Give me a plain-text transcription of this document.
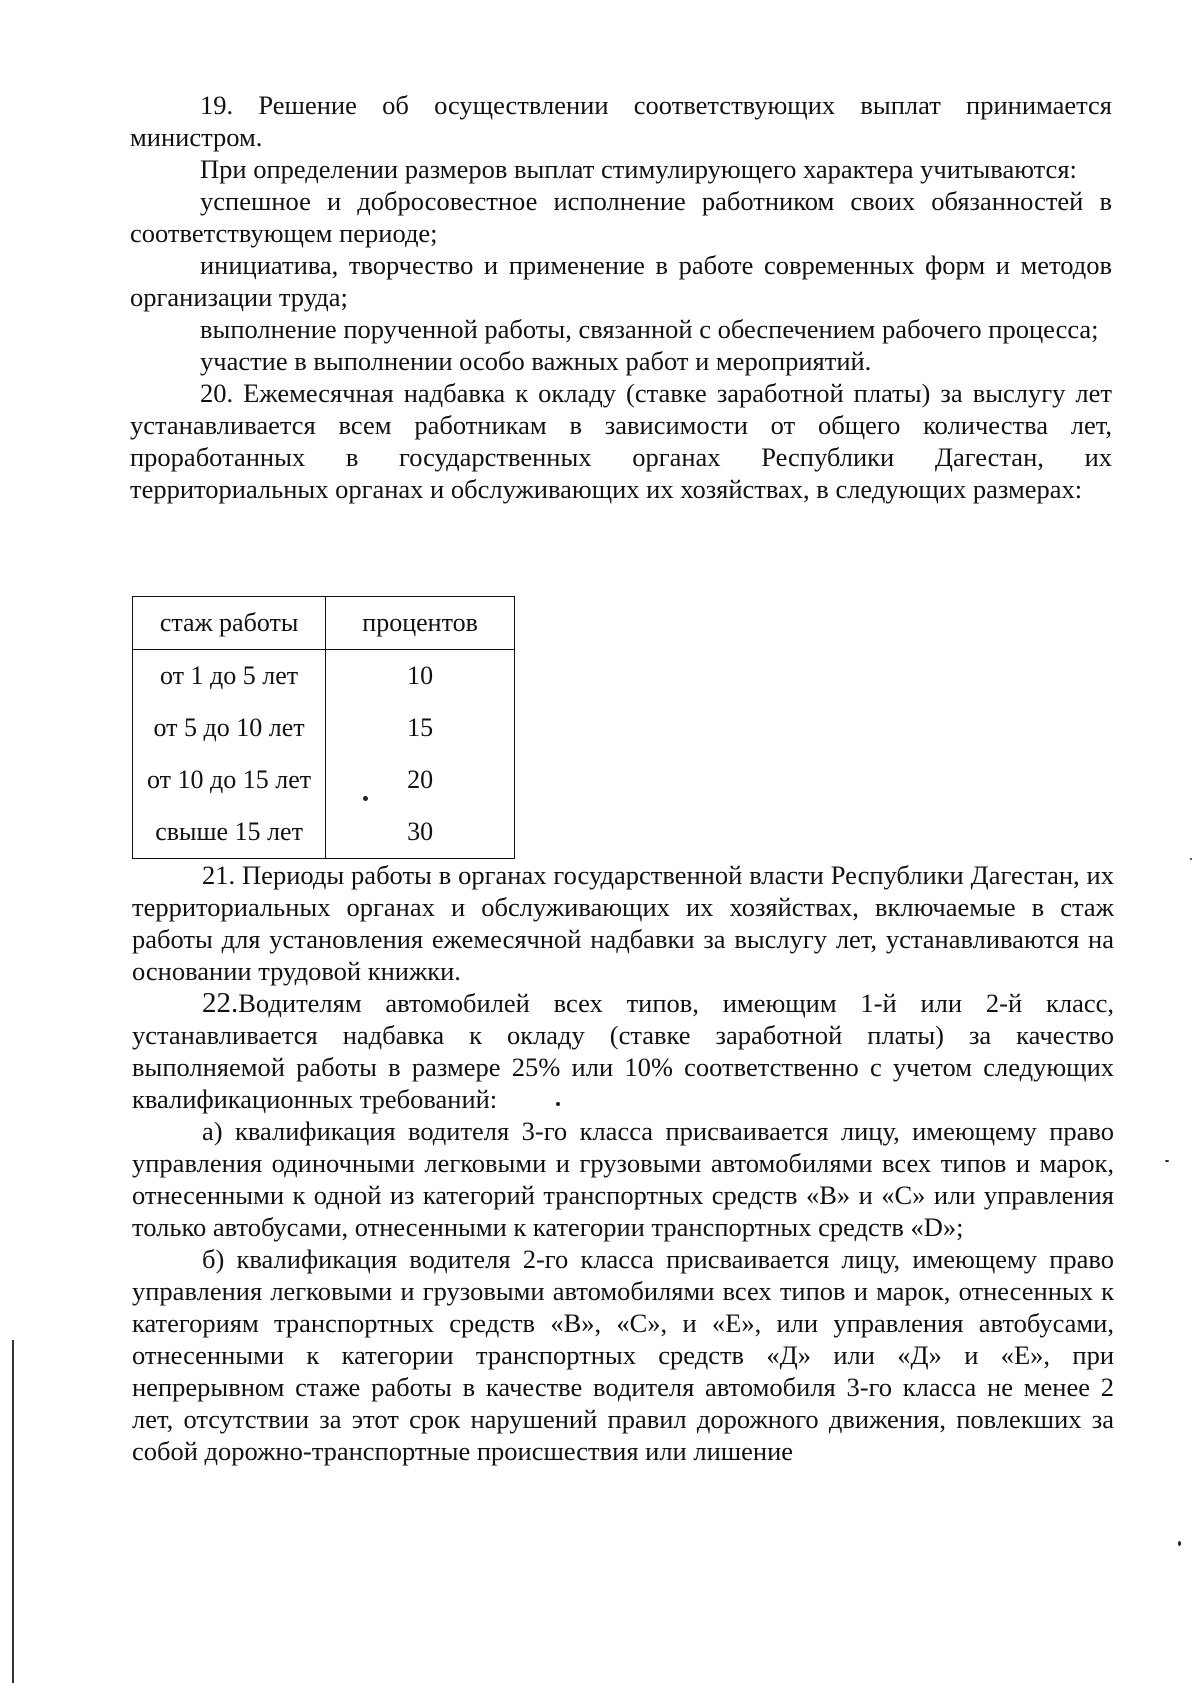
19. Решение об осуществлении соответствующих выплат принимается министром.

При определении размеров выплат стимулирующего характера учитываются:

успешное и добросовестное исполнение работником своих обязанностей в соответствующем периоде;

инициатива, творчество и применение в работе современных форм и методов организации труда;

выполнение порученной работы, связанной с обеспечением рабочего процесса;

участие в выполнении особо важных работ и мероприятий.

20. Ежемесячная надбавка к окладу (ставке заработной платы) за выслугу лет устанавливается всем работникам в зависимости от общего количества лет, проработанных в государственных органах Республики Дагестан, их территориальных органах и обслуживающих их хозяйствах, в следующих размерах:

стаж работы	процентов
от 1 до 5 лет	10
от 5 до 10 лет	15
от 10 до 15 лет	20
свыше 15 лет	30

21. Периоды работы в органах государственной власти Республики Дагестан, их территориальных органах и обслуживающих их хозяйствах, включаемые в стаж работы для установления ежемесячной надбавки за выслугу лет, устанавливаются на основании трудовой книжки.

22.Водителям автомобилей всех типов, имеющим 1-й или 2-й класс, устанавливается надбавка к окладу (ставке заработной платы) за качество выполняемой работы в размере 25% или 10% соответственно с учетом следующих квалификационных требований:

а) квалификация водителя 3-го класса присваивается лицу, имеющему право управления одиночными легковыми и грузовыми автомобилями всех типов и марок, отнесенными к одной из категорий транспортных средств «В» и «С» или управления только автобусами, отнесенными к категории транспортных средств «D»;

б) квалификация водителя 2-го класса присваивается лицу, имеющему право управления легковыми и грузовыми автомобилями всех типов и марок, отнесенных к категориям транспортных средств «В», «С», и «Е», или управления автобусами, отнесенными к категории транспортных средств «Д» или «Д» и «Е», при непрерывном стаже работы в качестве водителя автомобиля 3-го класса не менее 2 лет, отсутствии за этот срок нарушений правил дорожного движения, повлекших за собой дорожно-транспортные происшествия или лишение
